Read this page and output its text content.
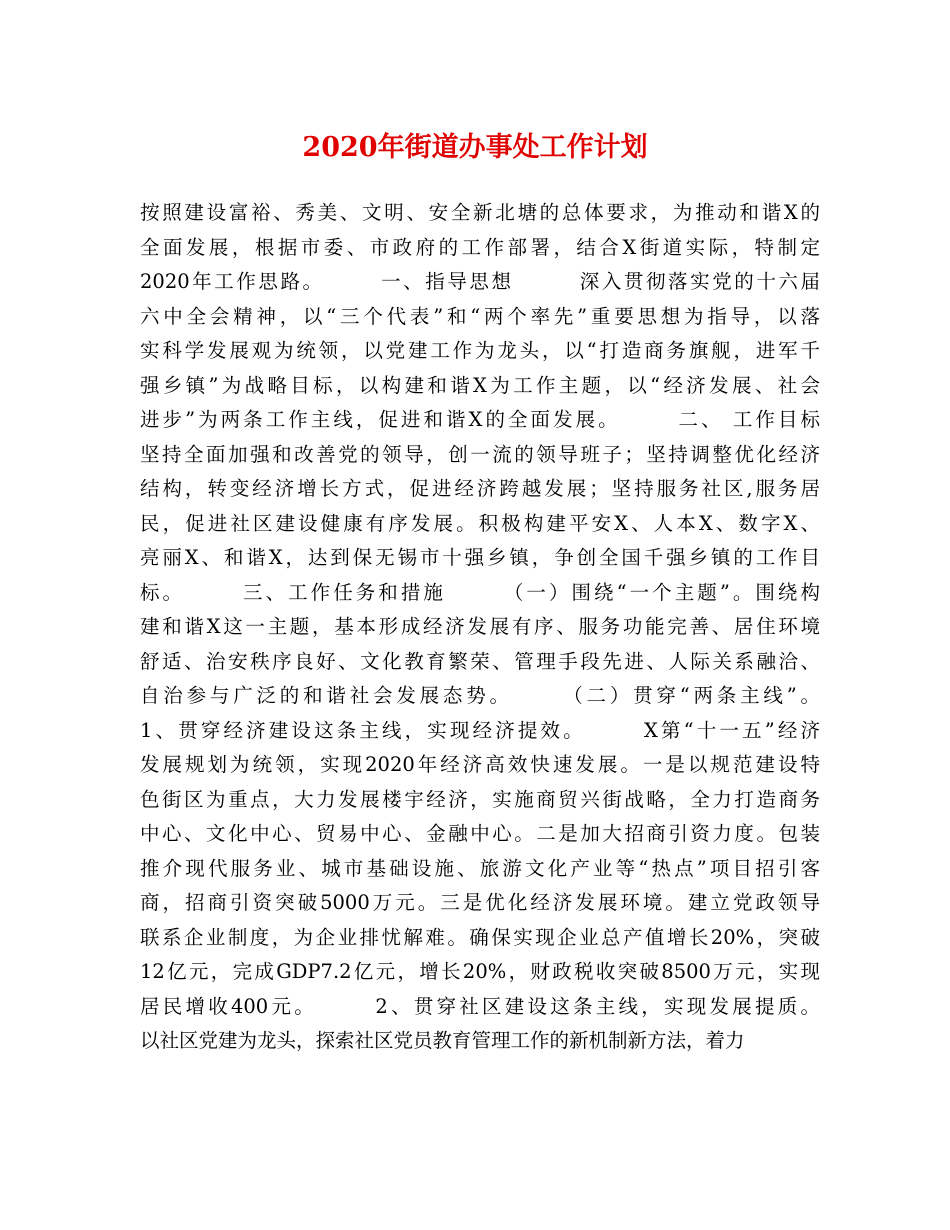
2020年街道办事处工作计划
按照建设富裕、秀美、文明、安全新北塘的总体要求，为推动和谐X的
全面发展，根据市委、市政府的工作部署，结合X街道实际，特制定
2020年工作思路。　　　一、指导思想　　　深入贯彻落实党的十六届
六中全会精神，以“三个代表”和“两个率先”重要思想为指导，以落
实科学发展观为统领，以党建工作为龙头，以“打造商务旗舰，进军千
强乡镇”为战略目标，以构建和谐X为工作主题，以“经济发展、社会
进步”为两条工作主线，促进和谐X的全面发展。　　　二、 工作目标
坚持全面加强和改善党的领导，创一流的领导班子；坚持调整优化经济
结构，转变经济增长方式，促进经济跨越发展；坚持服务社区,服务居
民，促进社区建设健康有序发展。积极构建平安X、人本X、数字X、
亮丽X、和谐X，达到保无锡市十强乡镇，争创全国千强乡镇的工作目
标。　　　三、工作任务和措施　　　（一）围绕“一个主题”。围绕构
建和谐X这一主题，基本形成经济发展有序、服务功能完善、居住环境
舒适、治安秩序良好、文化教育繁荣、管理手段先进、人际关系融洽、
自治参与广泛的和谐社会发展态势。　　　（二）贯穿“两条主线”。
1、贯穿经济建设这条主线，实现经济提效。　　　X第“十一五”经济
发展规划为统领，实现2020年经济高效快速发展。一是以规范建设特
色街区为重点，大力发展楼宇经济，实施商贸兴街战略，全力打造商务
中心、文化中心、贸易中心、金融中心。二是加大招商引资力度。包装
推介现代服务业、城市基础设施、旅游文化产业等“热点”项目招引客
商，招商引资突破5000万元。三是优化经济发展环境。建立党政领导
联系企业制度，为企业排忧解难。确保实现企业总产值增长20%，突破
12亿元，完成GDP7.2亿元，增长20%，财政税收突破8500万元，实现
居民增收400元。　　　2、贯穿社区建设这条主线，实现发展提质。
以社区党建为龙头，探索社区党员教育管理工作的新机制新方法，着力
